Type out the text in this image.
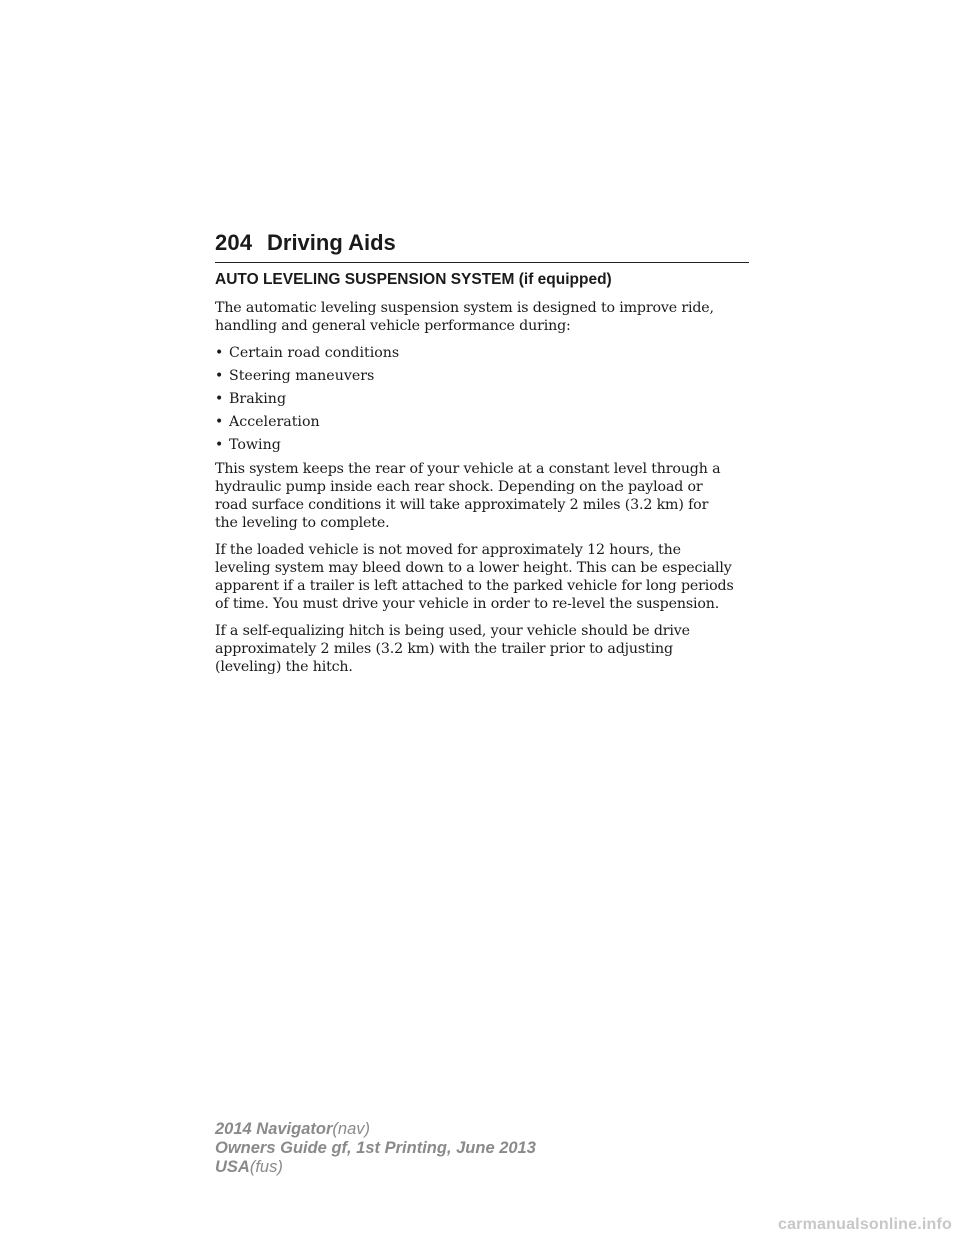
204 Driving Aids
AUTO LEVELING SUSPENSION SYSTEM (if equipped)

The automatic leveling suspension system is designed to improve ride,
handling and general vehicle performance during:

• Certain road conditions
• Steering maneuvers
• Braking
• Acceleration
• Towing

This system keeps the rear of your vehicle at a constant level through a
hydraulic pump inside each rear shock. Depending on the payload or
road surface conditions it will take approximately 2 miles (3.2 km) for
the leveling to complete.

If the loaded vehicle is not moved for approximately 12 hours, the
leveling system may bleed down to a lower height. This can be especially
apparent if a trailer is left attached to the parked vehicle for long periods
of time. You must drive your vehicle in order to re-level the suspension.

If a self-equalizing hitch is being used, your vehicle should be drive
approximately 2 miles (3.2 km) with the trailer prior to adjusting
(leveling) the hitch.

2014 Navigator(nav)
Owners Guide gf, 1st Printing, June 2013
USA(fus)
carmanualsonline.info
